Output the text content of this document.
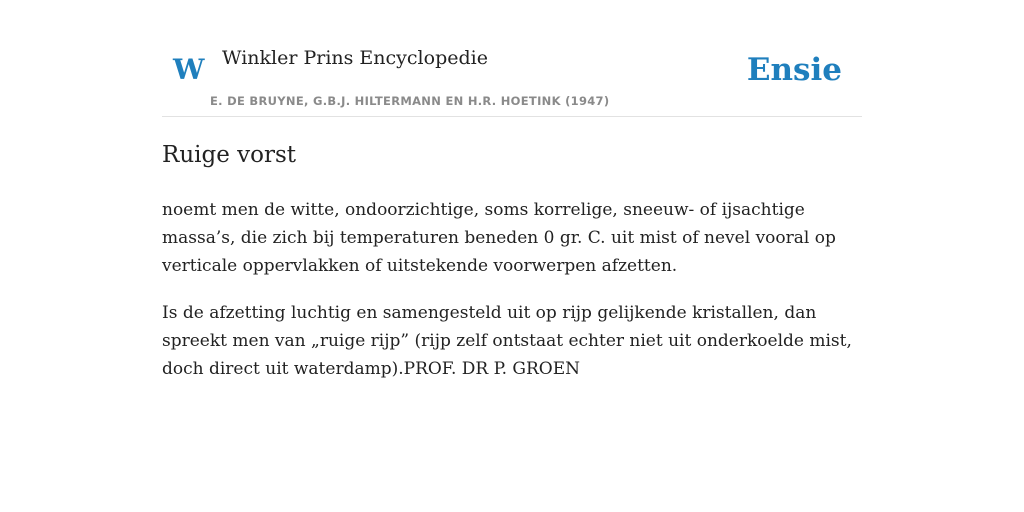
W Winkler Prins Encyclopedie
E. DE BRUYNE, G.B.J. HILTERMANN EN H.R. HOETINK (1947)
Ensie
Ruige vorst

noemt men de witte, ondoorzichtige, soms korrelige, sneeuw- of ijsachtige massa’s, die zich bij temperaturen beneden 0 gr. C. uit mist of nevel vooral op verticale oppervlakken of uitstekende voorwerpen afzetten.

Is de afzetting luchtig en samengesteld uit op rijp gelijkende kristallen, dan spreekt men van „ruige rijp” (rijp zelf ontstaat echter niet uit onderkoelde mist, doch direct uit waterdamp).PROF. DR P. GROEN
